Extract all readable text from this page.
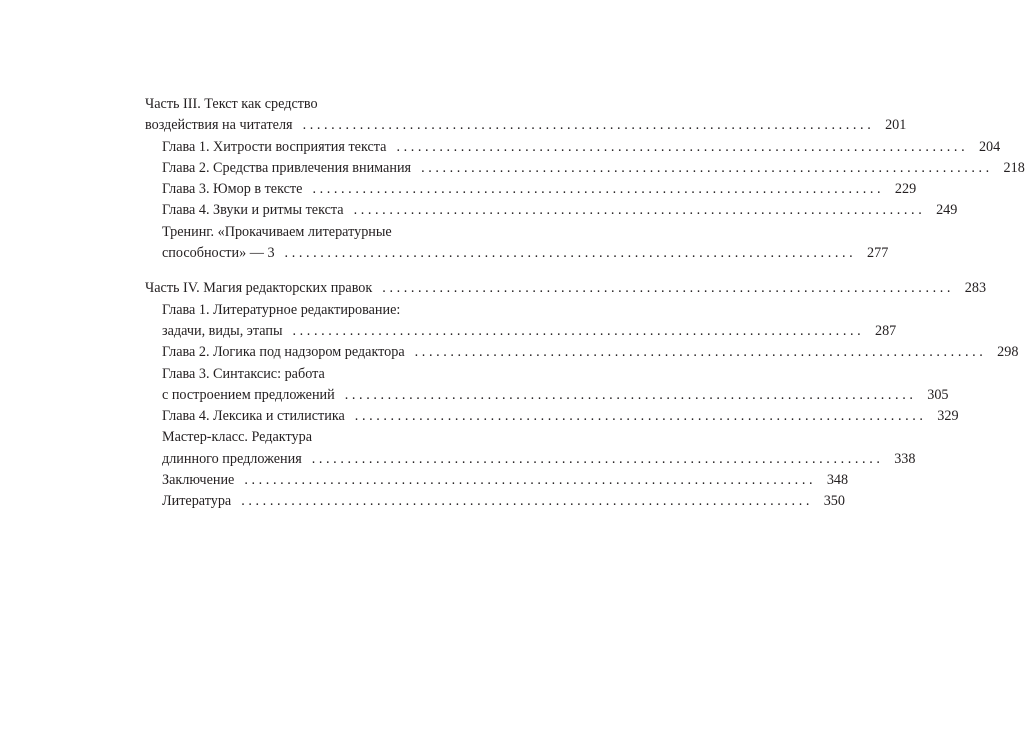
Часть III. Текст как средство
воздействия на читателя ................................................................................ 201
Глава 1. Хитрости восприятия текста ................................................................................ 204
Глава 2. Средства привлечения внимания ................................................................................ 218
Глава 3. Юмор в тексте ................................................................................ 229
Глава 4. Звуки и ритмы текста ................................................................................ 249
Тренинг. «Прокачиваем литературные
способности» — 3 ................................................................................ 277
Часть IV. Магия редакторских правок ................................................................................ 283
Глава 1. Литературное редактирование:
задачи, виды, этапы ................................................................................ 287
Глава 2. Логика под надзором редактора ................................................................................ 298
Глава 3. Синтаксис: работа
с построением предложений ................................................................................ 305
Глава 4. Лексика и стилистика ................................................................................ 329
Мастер-класс. Редактура
длинного предложения ................................................................................ 338
Заключение ................................................................................ 348
Литература ................................................................................ 350
